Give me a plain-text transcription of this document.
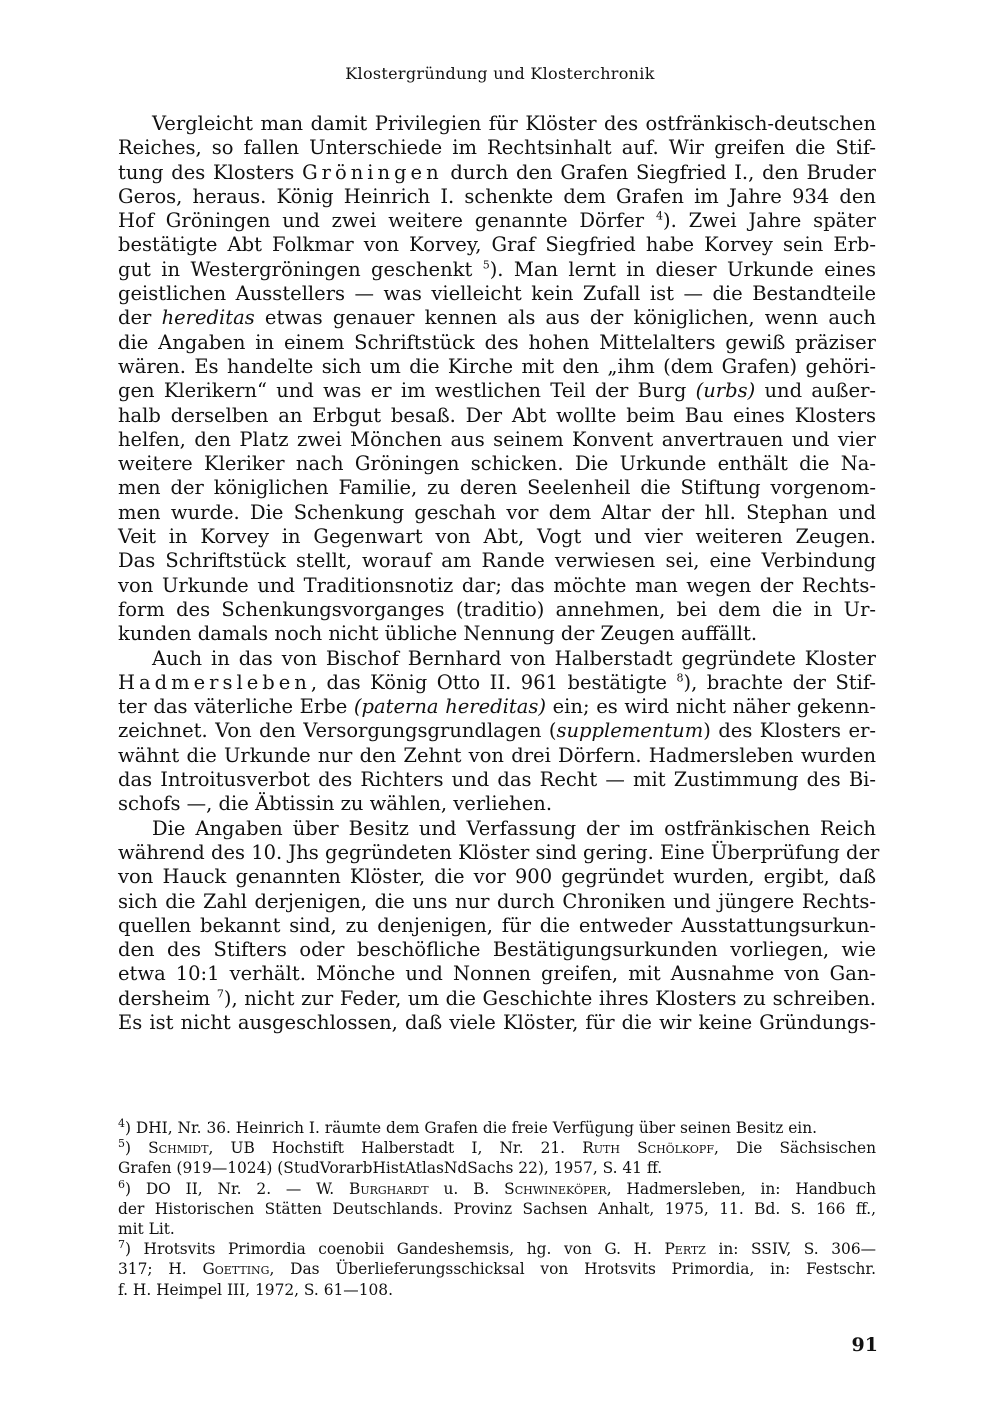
Klostergründung und Klosterchronik
Vergleicht man damit Privilegien für Klöster des ostfränkisch-deutschen
Reiches, so fallen Unterschiede im Rechtsinhalt auf. Wir greifen die Stif-
tung des Klosters Gröningen durch den Grafen Siegfried I., den Bruder
Geros, heraus. König Heinrich I. schenkte dem Grafen im Jahre 934 den
Hof Gröningen und zwei weitere genannte Dörfer $^4$). Zwei Jahre später
bestätigte Abt Folkmar von Korvey, Graf Siegfried habe Korvey sein Erb-
gut in Westergröningen geschenkt $^5$). Man lernt in dieser Urkunde eines
geistlichen Ausstellers — was vielleicht kein Zufall ist — die Bestandteile
der hereditas etwas genauer kennen als aus der königlichen, wenn auch
die Angaben in einem Schriftstück des hohen Mittelalters gewiß präziser
wären. Es handelte sich um die Kirche mit den „ihm (dem Grafen) gehöri-
gen Klerikern“ und was er im westlichen Teil der Burg (urbs) und außer-
halb derselben an Erbgut besaß. Der Abt wollte beim Bau eines Klosters
helfen, den Platz zwei Mönchen aus seinem Konvent anvertrauen und vier
weitere Kleriker nach Gröningen schicken. Die Urkunde enthält die Na-
men der königlichen Familie, zu deren Seelenheil die Stiftung vorgenom-
men wurde. Die Schenkung geschah vor dem Altar der hll. Stephan und
Veit in Korvey in Gegenwart von Abt, Vogt und vier weiteren Zeugen.
Das Schriftstück stellt, worauf am Rande verwiesen sei, eine Verbindung
von Urkunde und Traditionsnotiz dar; das möchte man wegen der Rechts-
form des Schenkungsvorganges (traditio) annehmen, bei dem die in Ur-
kunden damals noch nicht übliche Nennung der Zeugen auffällt.
Auch in das von Bischof Bernhard von Halberstadt gegründete Kloster
Hadmersleben, das König Otto II. 961 bestätigte $^8$), brachte der Stif-
ter das väterliche Erbe (paterna hereditas) ein; es wird nicht näher gekenn-
zeichnet. Von den Versorgungsgrundlagen (supplementum) des Klosters er-
wähnt die Urkunde nur den Zehnt von drei Dörfern. Hadmersleben wurden
das Introitusverbot des Richters und das Recht — mit Zustimmung des Bi-
schofs —, die Äbtissin zu wählen, verliehen.
Die Angaben über Besitz und Verfassung der im ostfränkischen Reich
während des 10. Jhs gegründeten Klöster sind gering. Eine Überprüfung der
von Hauck genannten Klöster, die vor 900 gegründet wurden, ergibt, daß
sich die Zahl derjenigen, die uns nur durch Chroniken und jüngere Rechts-
quellen bekannt sind, zu denjenigen, für die entweder Ausstattungsurkun-
den des Stifters oder beschöfliche Bestätigungsurkunden vorliegen, wie
etwa 10:1 verhält. Mönche und Nonnen greifen, mit Ausnahme von Gan-
dersheim $^7$), nicht zur Feder, um die Geschichte ihres Klosters zu schreiben.
Es ist nicht ausgeschlossen, daß viele Klöster, für die wir keine Gründungs-
$^4$) DHI, Nr. 36. Heinrich I. räumte dem Grafen die freie Verfügung über seinen Besitz ein.
$^5$) Schmidt, UB Hochstift Halberstadt I, Nr. 21. Ruth Schölkopf, Die Sächsischen
Grafen (919—1024) (StudVorarbHistAtlasNdSachs 22), 1957, S. 41 ff.
$^6$) DO II, Nr. 2. — W. Burghardt u. B. Schwineköper, Hadmersleben, in: Handbuch
der Historischen Stätten Deutschlands. Provinz Sachsen Anhalt, 1975, 11. Bd. S. 166 ff.,
mit Lit.
$^7$) Hrotsvits Primordia coenobii Gandeshemsis, hg. von G. H. Pertz in: SSIV, S. 306—
317; H. Goetting, Das Überlieferungsschicksal von Hrotsvits Primordia, in: Festschr.
f. H. Heimpel III, 1972, S. 61—108.
91
